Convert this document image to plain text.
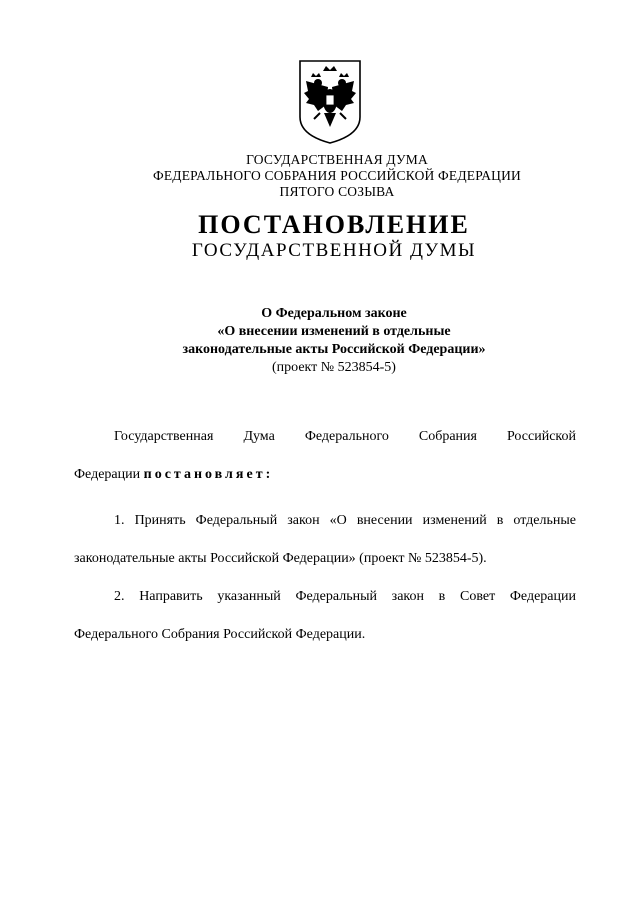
ГОСУДАРСТВЕННАЯ ДУМА
ФЕДЕРАЛЬНОГО СОБРАНИЯ РОССИЙСКОЙ ФЕДЕРАЦИИ
ПЯТОГО СОЗЫВА
ПОСТАНОВЛЕНИЕ
ГОСУДАРСТВЕННОЙ ДУМЫ
О Федеральном законе
«О внесении изменений в отдельные
законодательные акты Российской Федерации»
(проект № 523854-5)
Государственная Дума Федерального Собрания Российской
Федерации постановляет:
1. Принять Федеральный закон «О внесении изменений в отдельные
законодательные акты Российской Федерации» (проект № 523854-5).
2. Направить указанный Федеральный закон в Совет Федерации
Федерального Собрания Российской Федерации.
